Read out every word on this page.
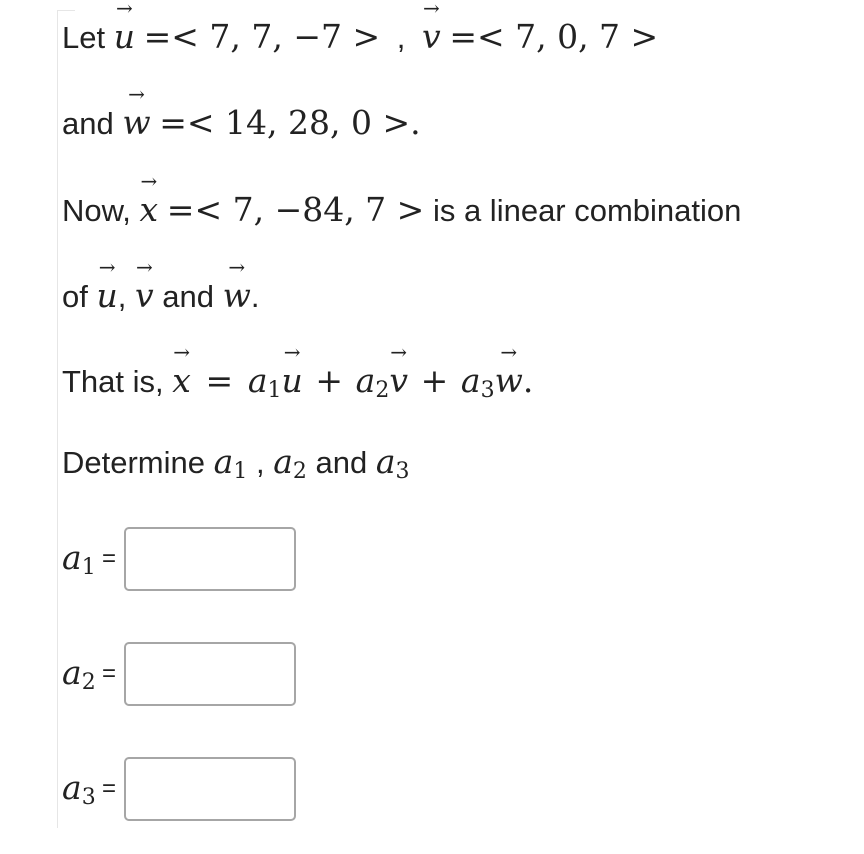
Let → u =< 7, 7, −7 > , → v =< 7, 0, 7 >
and → w =< 14, 28, 0 >.
Now, → x =< 7, −84, 7 > is a linear combination
of → u, → v and → w.
That is, → $x = a_1\to u + a_2\to v + a_3\to w$.
Determine $a_1$ , $a_2$ and $a_3$
$a_1$ =
$a_2$ =
$a_3$ =
